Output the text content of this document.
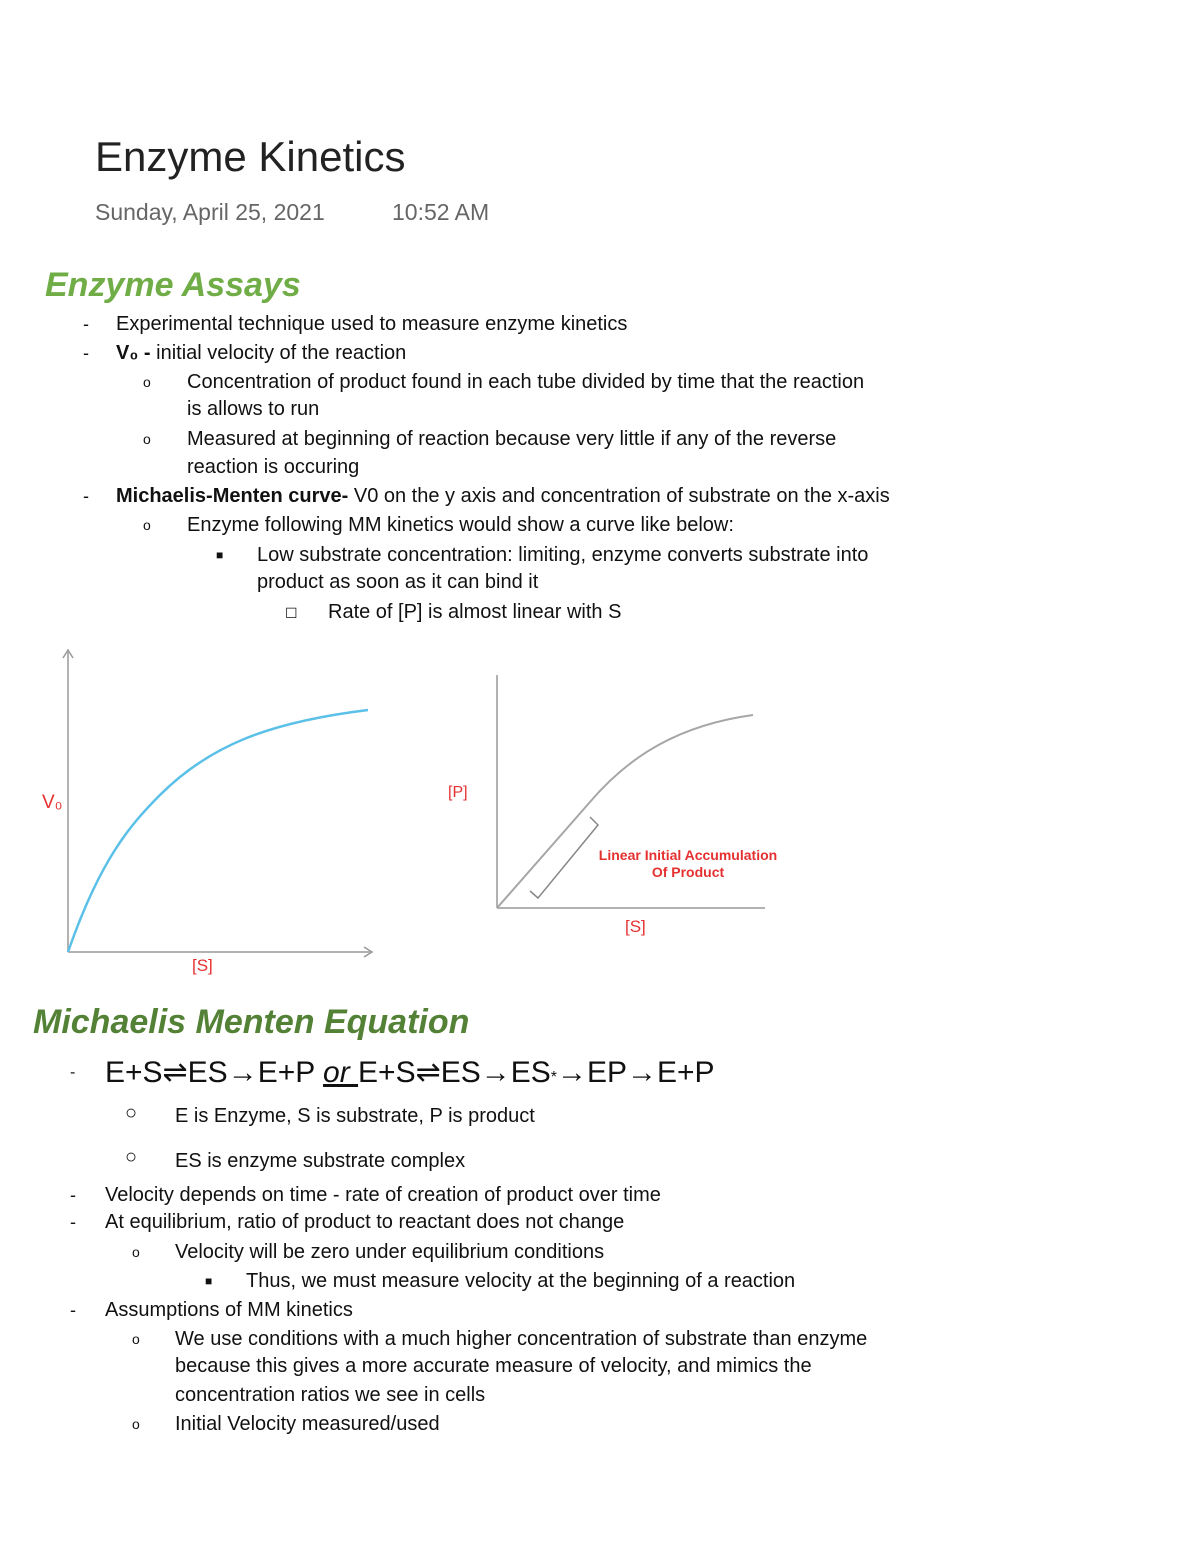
Enzyme Kinetics
Sunday, April 25, 2021	10:52 AM
Enzyme Assays
- Experimental technique used to measure enzyme kinetics
- V₀ - initial velocity of the reaction
o Concentration of product found in each tube divided by time that the reaction
is allows to run
o Measured at beginning of reaction because very little if any of the reverse
reaction is occuring
- Michaelis-Menten curve- V0 on the y axis and concentration of substrate on the x-axis
o Enzyme following MM kinetics would show a curve like below:
■ Low substrate concentration: limiting, enzyme converts substrate into
product as soon as it can bind it
☐ Rate of [P] is almost linear with S
V₀
[S]
[P]
[S]
Linear Initial Accumulation
Of Product
Michaelis Menten Equation
- E+S⇌ES→E+P or E+S⇌ES→ES*→EP→E+P
○ E is Enzyme, S is substrate, P is product
○ ES is enzyme substrate complex
- Velocity depends on time - rate of creation of product over time
- At equilibrium, ratio of product to reactant does not change
o Velocity will be zero under equilibrium conditions
■ Thus, we must measure velocity at the beginning of a reaction
- Assumptions of MM kinetics
o We use conditions with a much higher concentration of substrate than enzyme
because this gives a more accurate measure of velocity, and mimics the
concentration ratios we see in cells
o Initial Velocity measured/used
